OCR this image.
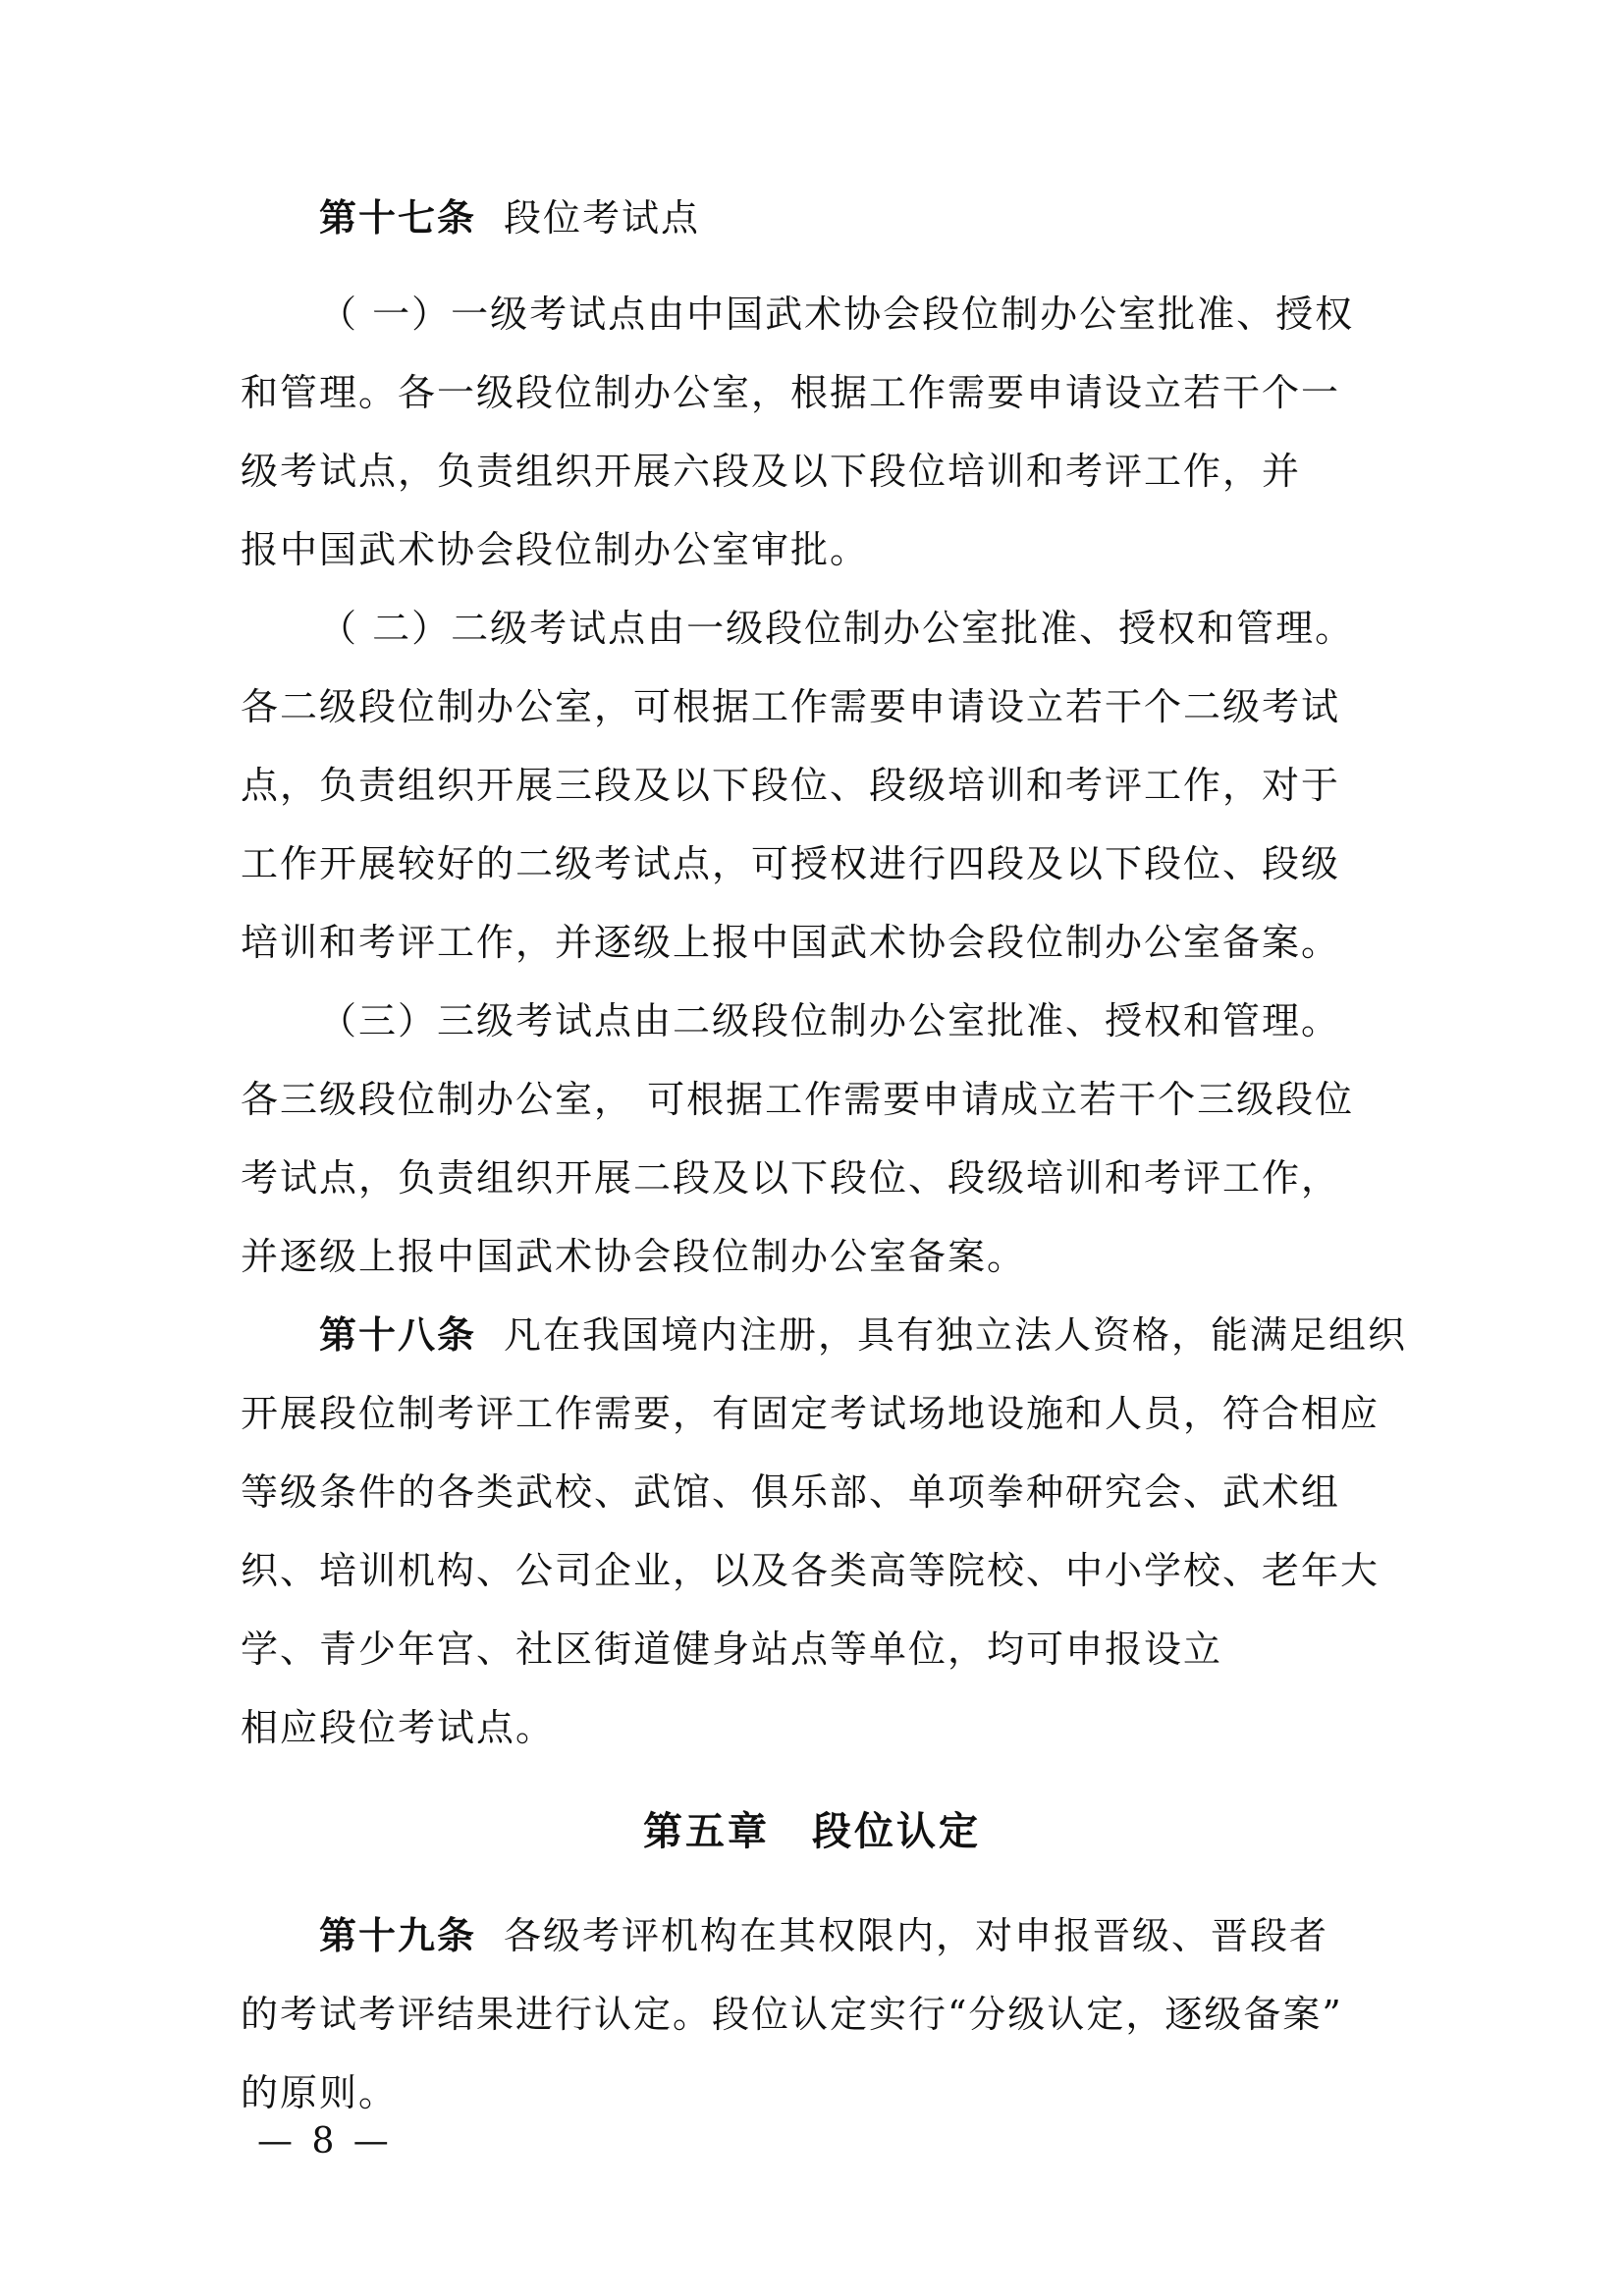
第十七条 段位考试点
（ 一）一级考试点由中国武术协会段位制办公室批准、授权
和管理。各一级段位制办公室，根据工作需要申请设立若干个一
级考试点，负责组织开展六段及以下段位培训和考评工作，并
报中国武术协会段位制办公室审批。
（ 二）二级考试点由一级段位制办公室批准、授权和管理。
各二级段位制办公室，可根据工作需要申请设立若干个二级考试
点，负责组织开展三段及以下段位、段级培训和考评工作，对于
工作开展较好的二级考试点，可授权进行四段及以下段位、段级
培训和考评工作，并逐级上报中国武术协会段位制办公室备案。
（三）三级考试点由二级段位制办公室批准、授权和管理。
各三级段位制办公室， 可根据工作需要申请成立若干个三级段位
考试点，负责组织开展二段及以下段位、段级培训和考评工作，
并逐级上报中国武术协会段位制办公室备案。
第十八条 凡在我国境内注册，具有独立法人资格，能满足组织
开展段位制考评工作需要，有固定考试场地设施和人员，符合相应
等级条件的各类武校、武馆、俱乐部、单项拳种研究会、武术组
织、培训机构、公司企业，以及各类高等院校、中小学校、老年大
学、青少年宫、社区街道健身站点等单位，均可申报设立
相应段位考试点。
第五章　段位认定
第十九条 各级考评机构在其权限内，对申报晋级、晋段者
的考试考评结果进行认定。段位认定实行“分级认定，逐级备案”
的原则。
— 8 —
